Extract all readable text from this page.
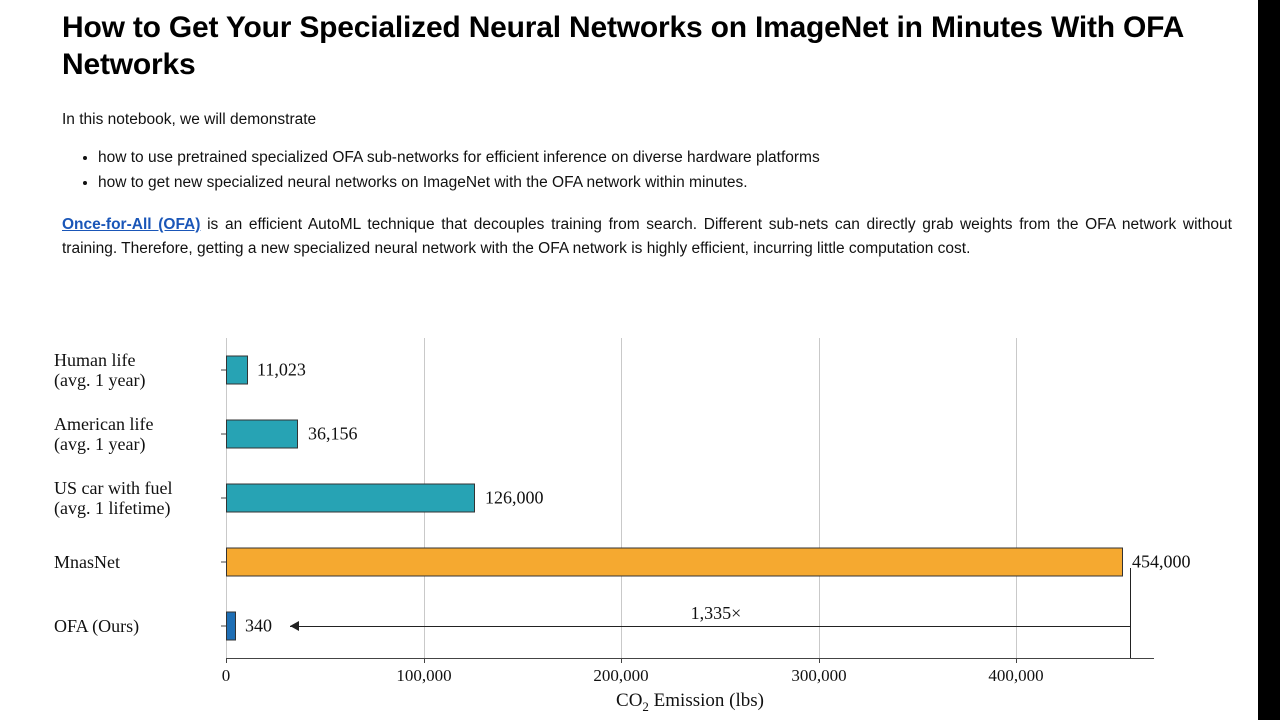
How to Get Your Specialized Neural Networks on ImageNet in Minutes With OFA Networks

In this notebook, we will demonstrate

• how to use pretrained specialized OFA sub-networks for efficient inference on diverse hardware platforms
• how to get new specialized neural networks on ImageNet with the OFA network within minutes.

Once-for-All (OFA) is an efficient AutoML technique that decouples training from search. Different sub-nets can directly grab weights from the OFA network without training. Therefore, getting a new specialized neural network with the OFA network is highly efficient, incurring little computation cost.

0	100,000	200,000	300,000	400,000
Human life
(avg. 1 year)
11,023
American life
(avg. 1 year)
36,156
US car with fuel
(avg. 1 lifetime)
126,000
MnasNet	454,000
OFA (Ours)	340
1,335×
$CO_2$ Emission (lbs)
